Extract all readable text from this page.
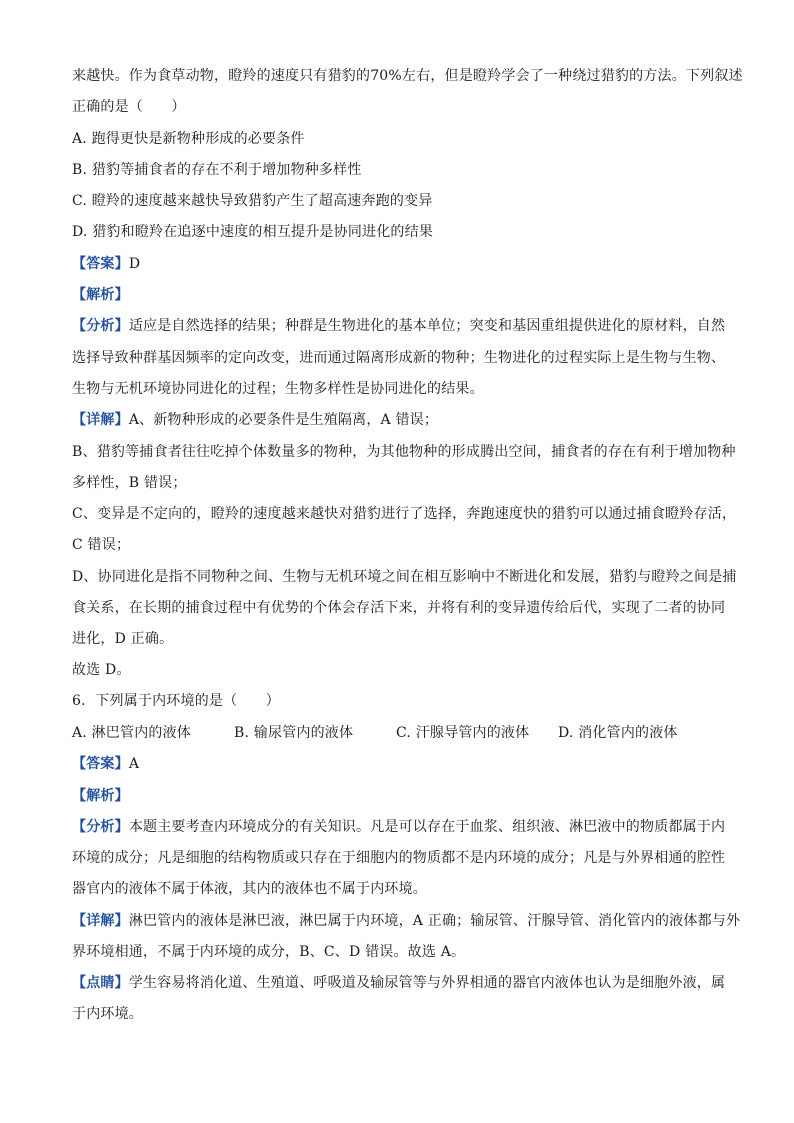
来越快。作为食草动物，瞪羚的速度只有猎豹的70%左右，但是瞪羚学会了一种绕过猎豹的方法。下列叙述
正确的是（　　）
A. 跑得更快是新物种形成的必要条件
B. 猎豹等捕食者的存在不利于增加物种多样性
C. 瞪羚的速度越来越快导致猎豹产生了超高速奔跑的变异
D. 猎豹和瞪羚在追逐中速度的相互提升是协同进化的结果
【答案】D
【解析】
【分析】适应是自然选择的结果；种群是生物进化的基本单位；突变和基因重组提供进化的原材料，自然
选择导致种群基因频率的定向改变，进而通过隔离形成新的物种；生物进化的过程实际上是生物与生物、
生物与无机环境协同进化的过程；生物多样性是协同进化的结果。
【详解】A、新物种形成的必要条件是生殖隔离，A 错误；
B、猎豹等捕食者往往吃掉个体数量多的物种，为其他物种的形成腾出空间，捕食者的存在有利于增加物种
多样性，B 错误；
C、变异是不定向的，瞪羚的速度越来越快对猎豹进行了选择，奔跑速度快的猎豹可以通过捕食瞪羚存活，
C 错误；
D、协同进化是指不同物种之间、生物与无机环境之间在相互影响中不断进化和发展，猎豹与瞪羚之间是捕
食关系，在长期的捕食过程中有优势的个体会存活下来，并将有利的变异遗传给后代，实现了二者的协同
进化，D 正确。
故选 D。
6．下列属于内环境的是（　　）
A. 淋巴管内的液体	B. 输尿管内的液体	C. 汗腺导管内的液体 D. 消化管内的液体
【答案】A
【解析】
【分析】本题主要考查内环境成分的有关知识。凡是可以存在于血浆、组织液、淋巴液中的物质都属于内
环境的成分；凡是细胞的结构物质或只存在于细胞内的物质都不是内环境的成分；凡是与外界相通的腔性
器官内的液体不属于体液，其内的液体也不属于内环境。
【详解】淋巴管内的液体是淋巴液，淋巴属于内环境，A 正确；输尿管、汗腺导管、消化管内的液体都与外
界环境相通，不属于内环境的成分，B、C、D 错误。故选 A。
【点睛】学生容易将消化道、生殖道、呼吸道及输尿管等与外界相通的器官内液体也认为是细胞外液，属
于内环境。
